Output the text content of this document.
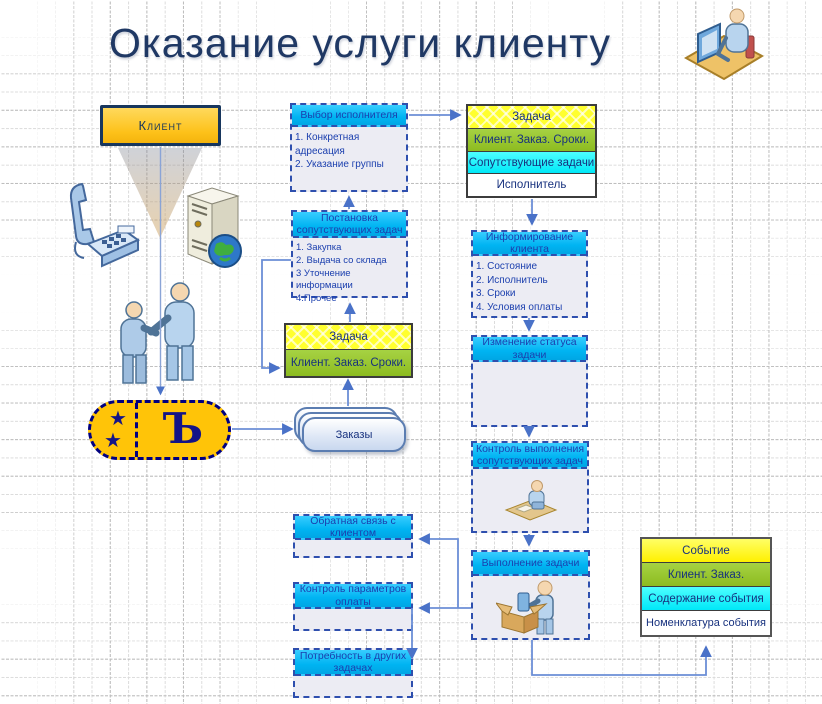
Оказание услуги клиенту
Клиент
★
★ Ъ	Заказы
Выбор исполнителя
1. Конкретная адресация
2. Указание группы
Постановка сопутствующих задач
1. Закупка
2. Выдача со склада
3 Уточнение информации
4.Прочее
Задача
Клиент. Заказ. Сроки.
Задача
Клиент. Заказ. Сроки.
Сопутствующие задачи
Исполнитель
Информирование клиента
1. Состояние
2. Исполнитель
3. Сроки
4. Условия оплаты
Изменение статуса задачи
Контроль выполнения сопутствующих задач
Выполнение задачи
Обратная связь с клиентом
Контроль параметров оплаты
Потребность в других задачах
Событие
Клиент. Заказ.
Содержание события
Номенклатура события
